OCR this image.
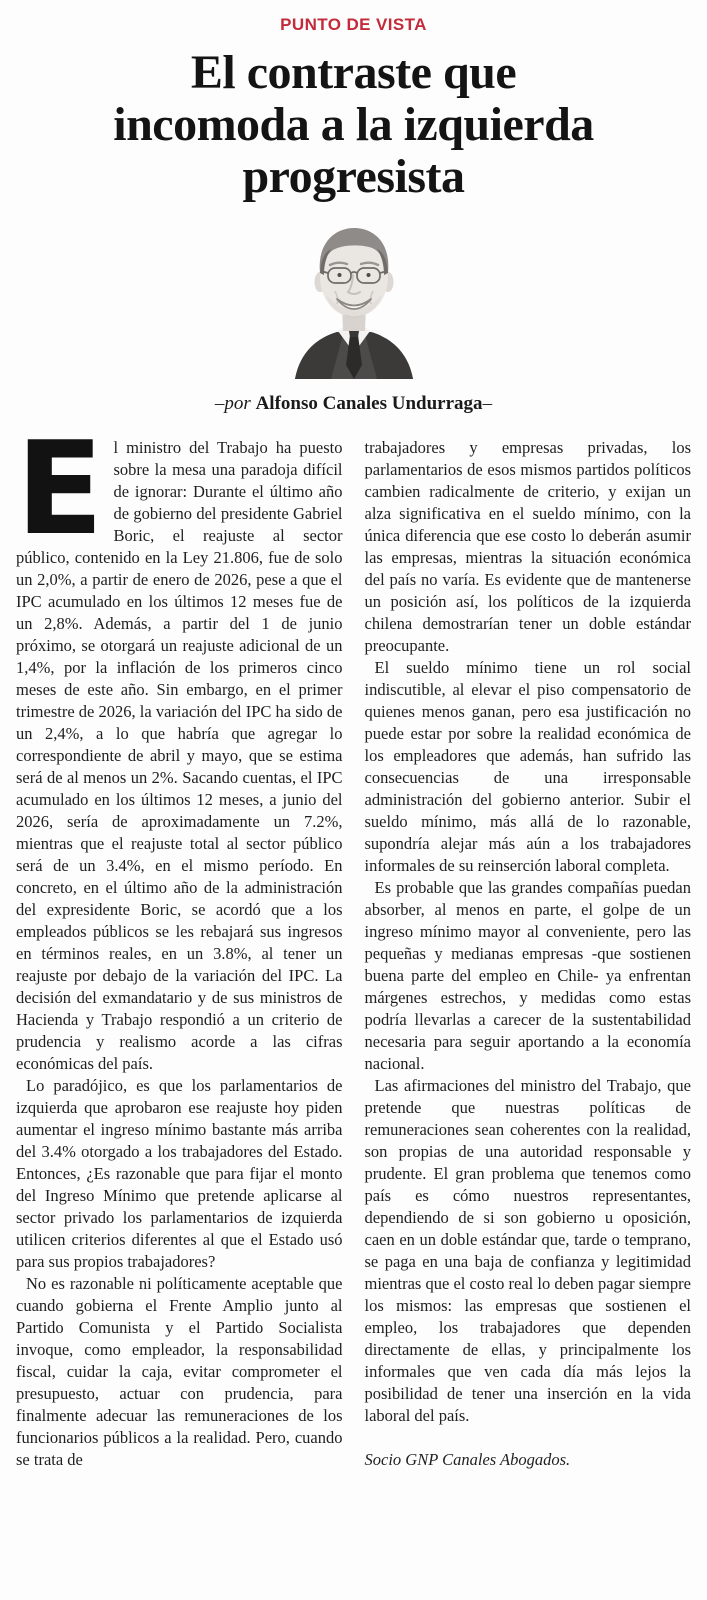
PUNTO DE VISTA
El contraste que
incomoda a la izquierda
progresista
–por Alfonso Canales Undurraga–

El ministro del Trabajo ha puesto sobre la mesa una paradoja difícil de ignorar: Durante el último año de gobierno del presidente Gabriel Boric, el reajuste al sector público, contenido en la Ley 21.806, fue de solo un 2,0%, a partir de enero de 2026, pese a que el IPC acumulado en los últimos 12 meses fue de un 2,8%. Además, a partir del 1 de junio próximo, se otorgará un reajuste adicional de un 1,4%, por la inflación de los primeros cinco meses de este año. Sin embargo, en el primer trimestre de 2026, la variación del IPC ha sido de un 2,4%, a lo que habría que agregar lo correspondiente de abril y mayo, que se estima será de al menos un 2%. Sacando cuentas, el IPC acumulado en los últimos 12 meses, a junio del 2026, sería de aproximadamente un 7.2%, mientras que el reajuste total al sector público será de un 3.4%, en el mismo período. En concreto, en el último año de la administración del expresidente Boric, se acordó que a los empleados públicos se les rebajará sus ingresos en términos reales, en un 3.8%, al tener un reajuste por debajo de la variación del IPC. La decisión del exmandatario y de sus ministros de Hacienda y Trabajo respondió a un criterio de prudencia y realismo acorde a las cifras económicas del país.

Lo paradójico, es que los parlamentarios de izquierda que aprobaron ese reajuste hoy piden aumentar el ingreso mínimo bastante más arriba del 3.4% otorgado a los trabajadores del Estado. Entonces, ¿Es razonable que para fijar el monto del Ingreso Mínimo que pretende aplicarse al sector privado los parlamentarios de izquierda utilicen criterios diferentes al que el Estado usó para sus propios trabajadores?

No es razonable ni políticamente aceptable que cuando gobierna el Frente Amplio junto al Partido Comunista y el Partido Socialista invoque, como empleador, la responsabilidad fiscal, cuidar la caja, evitar comprometer el presupuesto, actuar con prudencia, para finalmente adecuar las remuneraciones de los funcionarios públicos a la realidad. Pero, cuando se trata de

trabajadores y empresas privadas, los parlamentarios de esos mismos partidos políticos cambien radicalmente de criterio, y exijan un alza significativa en el sueldo mínimo, con la única diferencia que ese costo lo deberán asumir las empresas, mientras la situación económica del país no varía. Es evidente que de mantenerse un posición así, los políticos de la izquierda chilena demostrarían tener un doble estándar preocupante.

El sueldo mínimo tiene un rol social indiscutible, al elevar el piso compensatorio de quienes menos ganan, pero esa justificación no puede estar por sobre la realidad económica de los empleadores que además, han sufrido las consecuencias de una irresponsable administración del gobierno anterior. Subir el sueldo mínimo, más allá de lo razonable, supondría alejar más aún a los trabajadores informales de su reinserción laboral completa.

Es probable que las grandes compañías puedan absorber, al menos en parte, el golpe de un ingreso mínimo mayor al conveniente, pero las pequeñas y medianas empresas -que sostienen buena parte del empleo en Chile- ya enfrentan márgenes estrechos, y medidas como estas podría llevarlas a carecer de la sustentabilidad necesaria para seguir aportando a la economía nacional.

Las afirmaciones del ministro del Trabajo, que pretende que nuestras políticas de remuneraciones sean coherentes con la realidad, son propias de una autoridad responsable y prudente. El gran problema que tenemos como país es cómo nuestros representantes, dependiendo de si son gobierno u oposición, caen en un doble estándar que, tarde o temprano, se paga en una baja de confianza y legitimidad mientras que el costo real lo deben pagar siempre los mismos: las empresas que sostienen el empleo, los trabajadores que dependen directamente de ellas, y principalmente los informales que ven cada día más lejos la posibilidad de tener una inserción en la vida laboral del país.

Socio GNP Canales Abogados.
